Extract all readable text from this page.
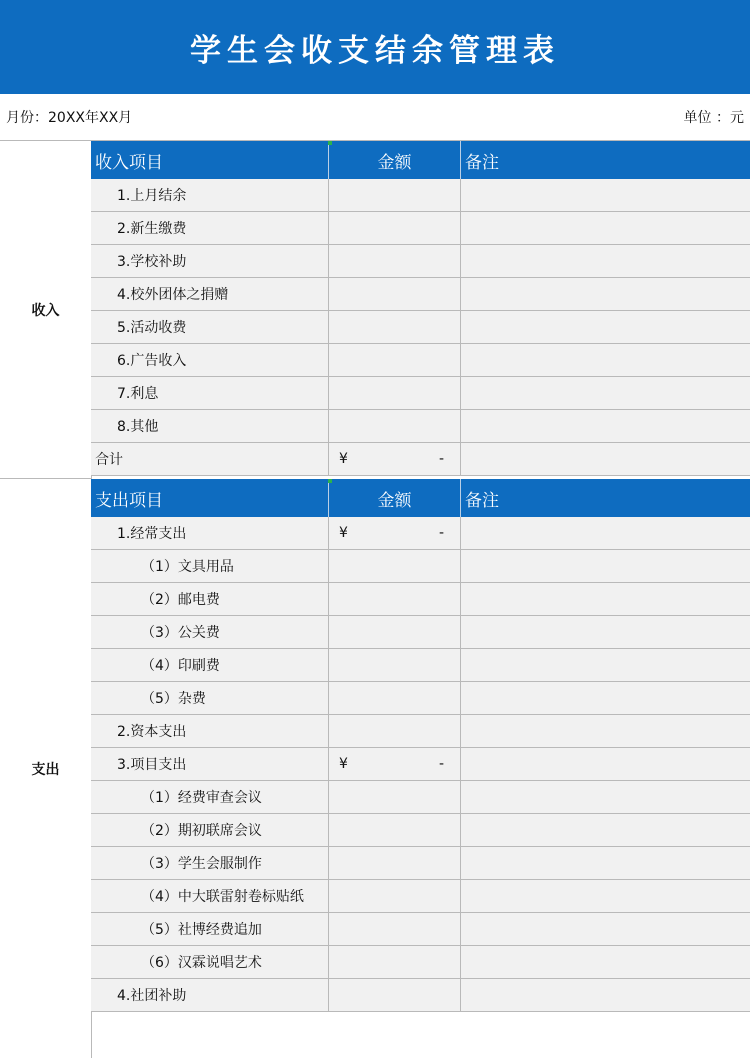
学生会收支结余管理表
月份：20XX年XX月	单位 ：元
收入
收入项目	金额	备注
1.上月结余
2.新生缴费
3.学校补助
4.校外团体之捐赠
5.活动收费
6.广告收入
7.利息
8.其他
合计	¥	-
支出
支出项目	金额	备注
1.经常支出	¥	-
（1）文具用品
（2）邮电费
（3）公关费
（4）印刷费
（5）杂费
2.资本支出
3.项目支出	¥	-
（1）经费审查会议
（2）期初联席会议
（3）学生会服制作
（4）中大联雷射卷标贴纸
（5）社博经费追加
（6）汉霖说唱艺术
4.社团补助
